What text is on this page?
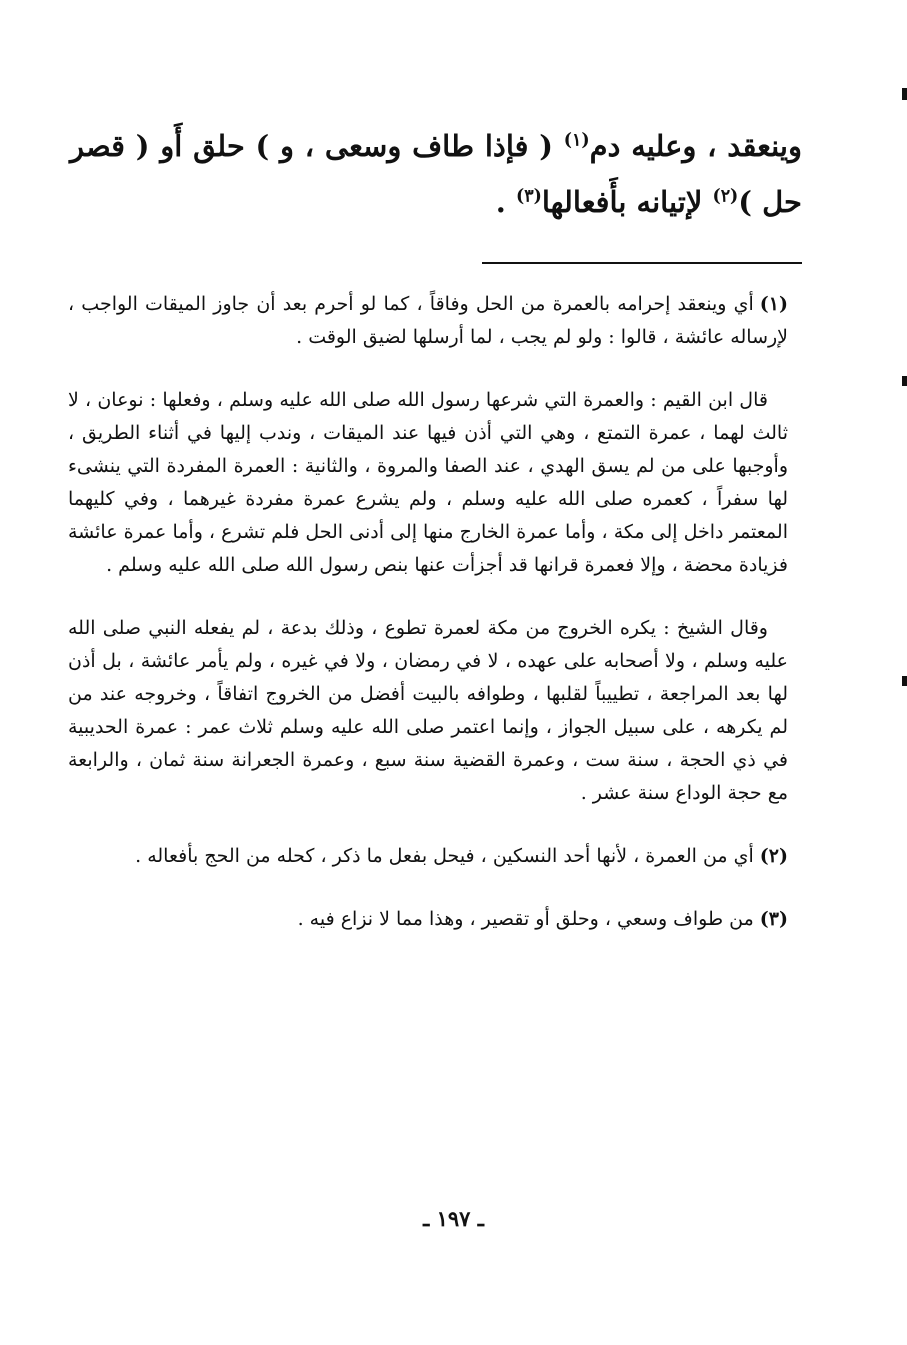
وينعقد ، وعليه دم$^{(١)}$ ( فإذا طاف وسعى ، و ) حلق أَو ( قصر حل )$^{(٢)}$ لإتيانه بأَفعالها$^{(٣)}$ .

(١)أي وينعقد إحرامه بالعمرة من الحل وفاقاً ، كما لو أحرم بعد أن جاوز الميقات الواجب ، لإرساله عائشة ، قالوا : ولو لم يجب ، لما أرسلها لضيق الوقت .

قال ابن القيم : والعمرة التي شرعها رسول الله صلى الله عليه وسلم ، وفعلها : نوعان ، لا ثالث لهما ، عمرة التمتع ، وهي التي أذن فيها عند الميقات ، وندب إليها في أثناء الطريق ، وأوجبها على من لم يسق الهدي ، عند الصفا والمروة ، والثانية : العمرة المفردة التي ينشىء لها سفراً ، كعمره صلى الله عليه وسلم ، ولم يشرع عمرة مفردة غيرهما ، وفي كليهما المعتمر داخل إلى مكة ، وأما عمرة الخارج منها إلى أدنى الحل فلم تشرع ، وأما عمرة عائشة فزيادة محضة ، وإلا فعمرة قرانها قد أجزأت عنها بنص رسول الله صلى الله عليه وسلم .

وقال الشيخ : يكره الخروج من مكة لعمرة تطوع ، وذلك بدعة ، لم يفعله النبي صلى الله عليه وسلم ، ولا أصحابه على عهده ، لا في رمضان ، ولا في غيره ، ولم يأمر عائشة ، بل أذن لها بعد المراجعة ، تطييباً لقلبها ، وطوافه بالبيت أفضل من الخروج اتفاقاً ، وخروجه عند من لم يكرهه ، على سبيل الجواز ، وإنما اعتمر صلى الله عليه وسلم ثلاث عمر : عمرة الحديبية في ذي الحجة ، سنة ست ، وعمرة القضية سنة سبع ، وعمرة الجعرانة سنة ثمان ، والرابعة مع حجة الوداع سنة عشر .

(٢)أي من العمرة ، لأنها أحد النسكين ، فيحل بفعل ما ذكر ، كحله من الحج بأفعاله .

(٣)من طواف وسعي ، وحلق أو تقصير ، وهذا مما لا نزاع فيه .

ـ ١٩٧ ـ
